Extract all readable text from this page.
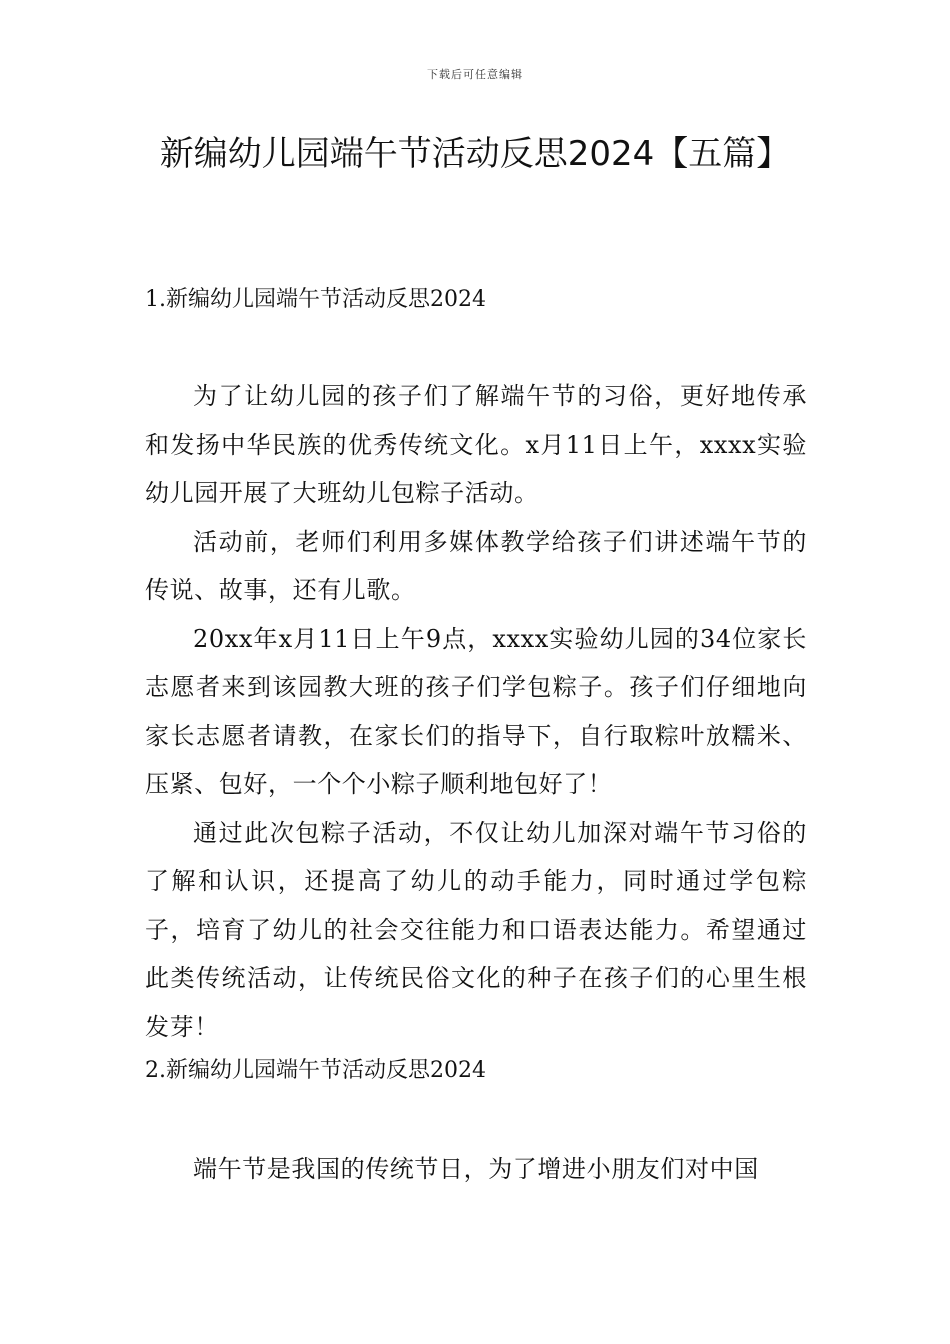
下载后可任意编辑
新编幼儿园端午节活动反思2024【五篇】
1.新编幼儿园端午节活动反思2024

为了让幼儿园的孩子们了解端午节的习俗，更好地传承和发扬中华民族的优秀传统文化。x月11日上午，xxxx实验幼儿园开展了大班幼儿包粽子活动。

活动前，老师们利用多媒体教学给孩子们讲述端午节的传说、故事，还有儿歌。

20xx年x月11日上午9点，xxxx实验幼儿园的34位家长志愿者来到该园教大班的孩子们学包粽子。孩子们仔细地向家长志愿者请教，在家长们的指导下，自行取粽叶放糯米、压紧、包好，一个个小粽子顺利地包好了！

通过此次包粽子活动，不仅让幼儿加深对端午节习俗的了解和认识，还提高了幼儿的动手能力，同时通过学包粽子，培育了幼儿的社会交往能力和口语表达能力。希望通过此类传统活动，让传统民俗文化的种子在孩子们的心里生根发芽！

2.新编幼儿园端午节活动反思2024

端午节是我国的传统节日，为了增进小朋友们对中国
